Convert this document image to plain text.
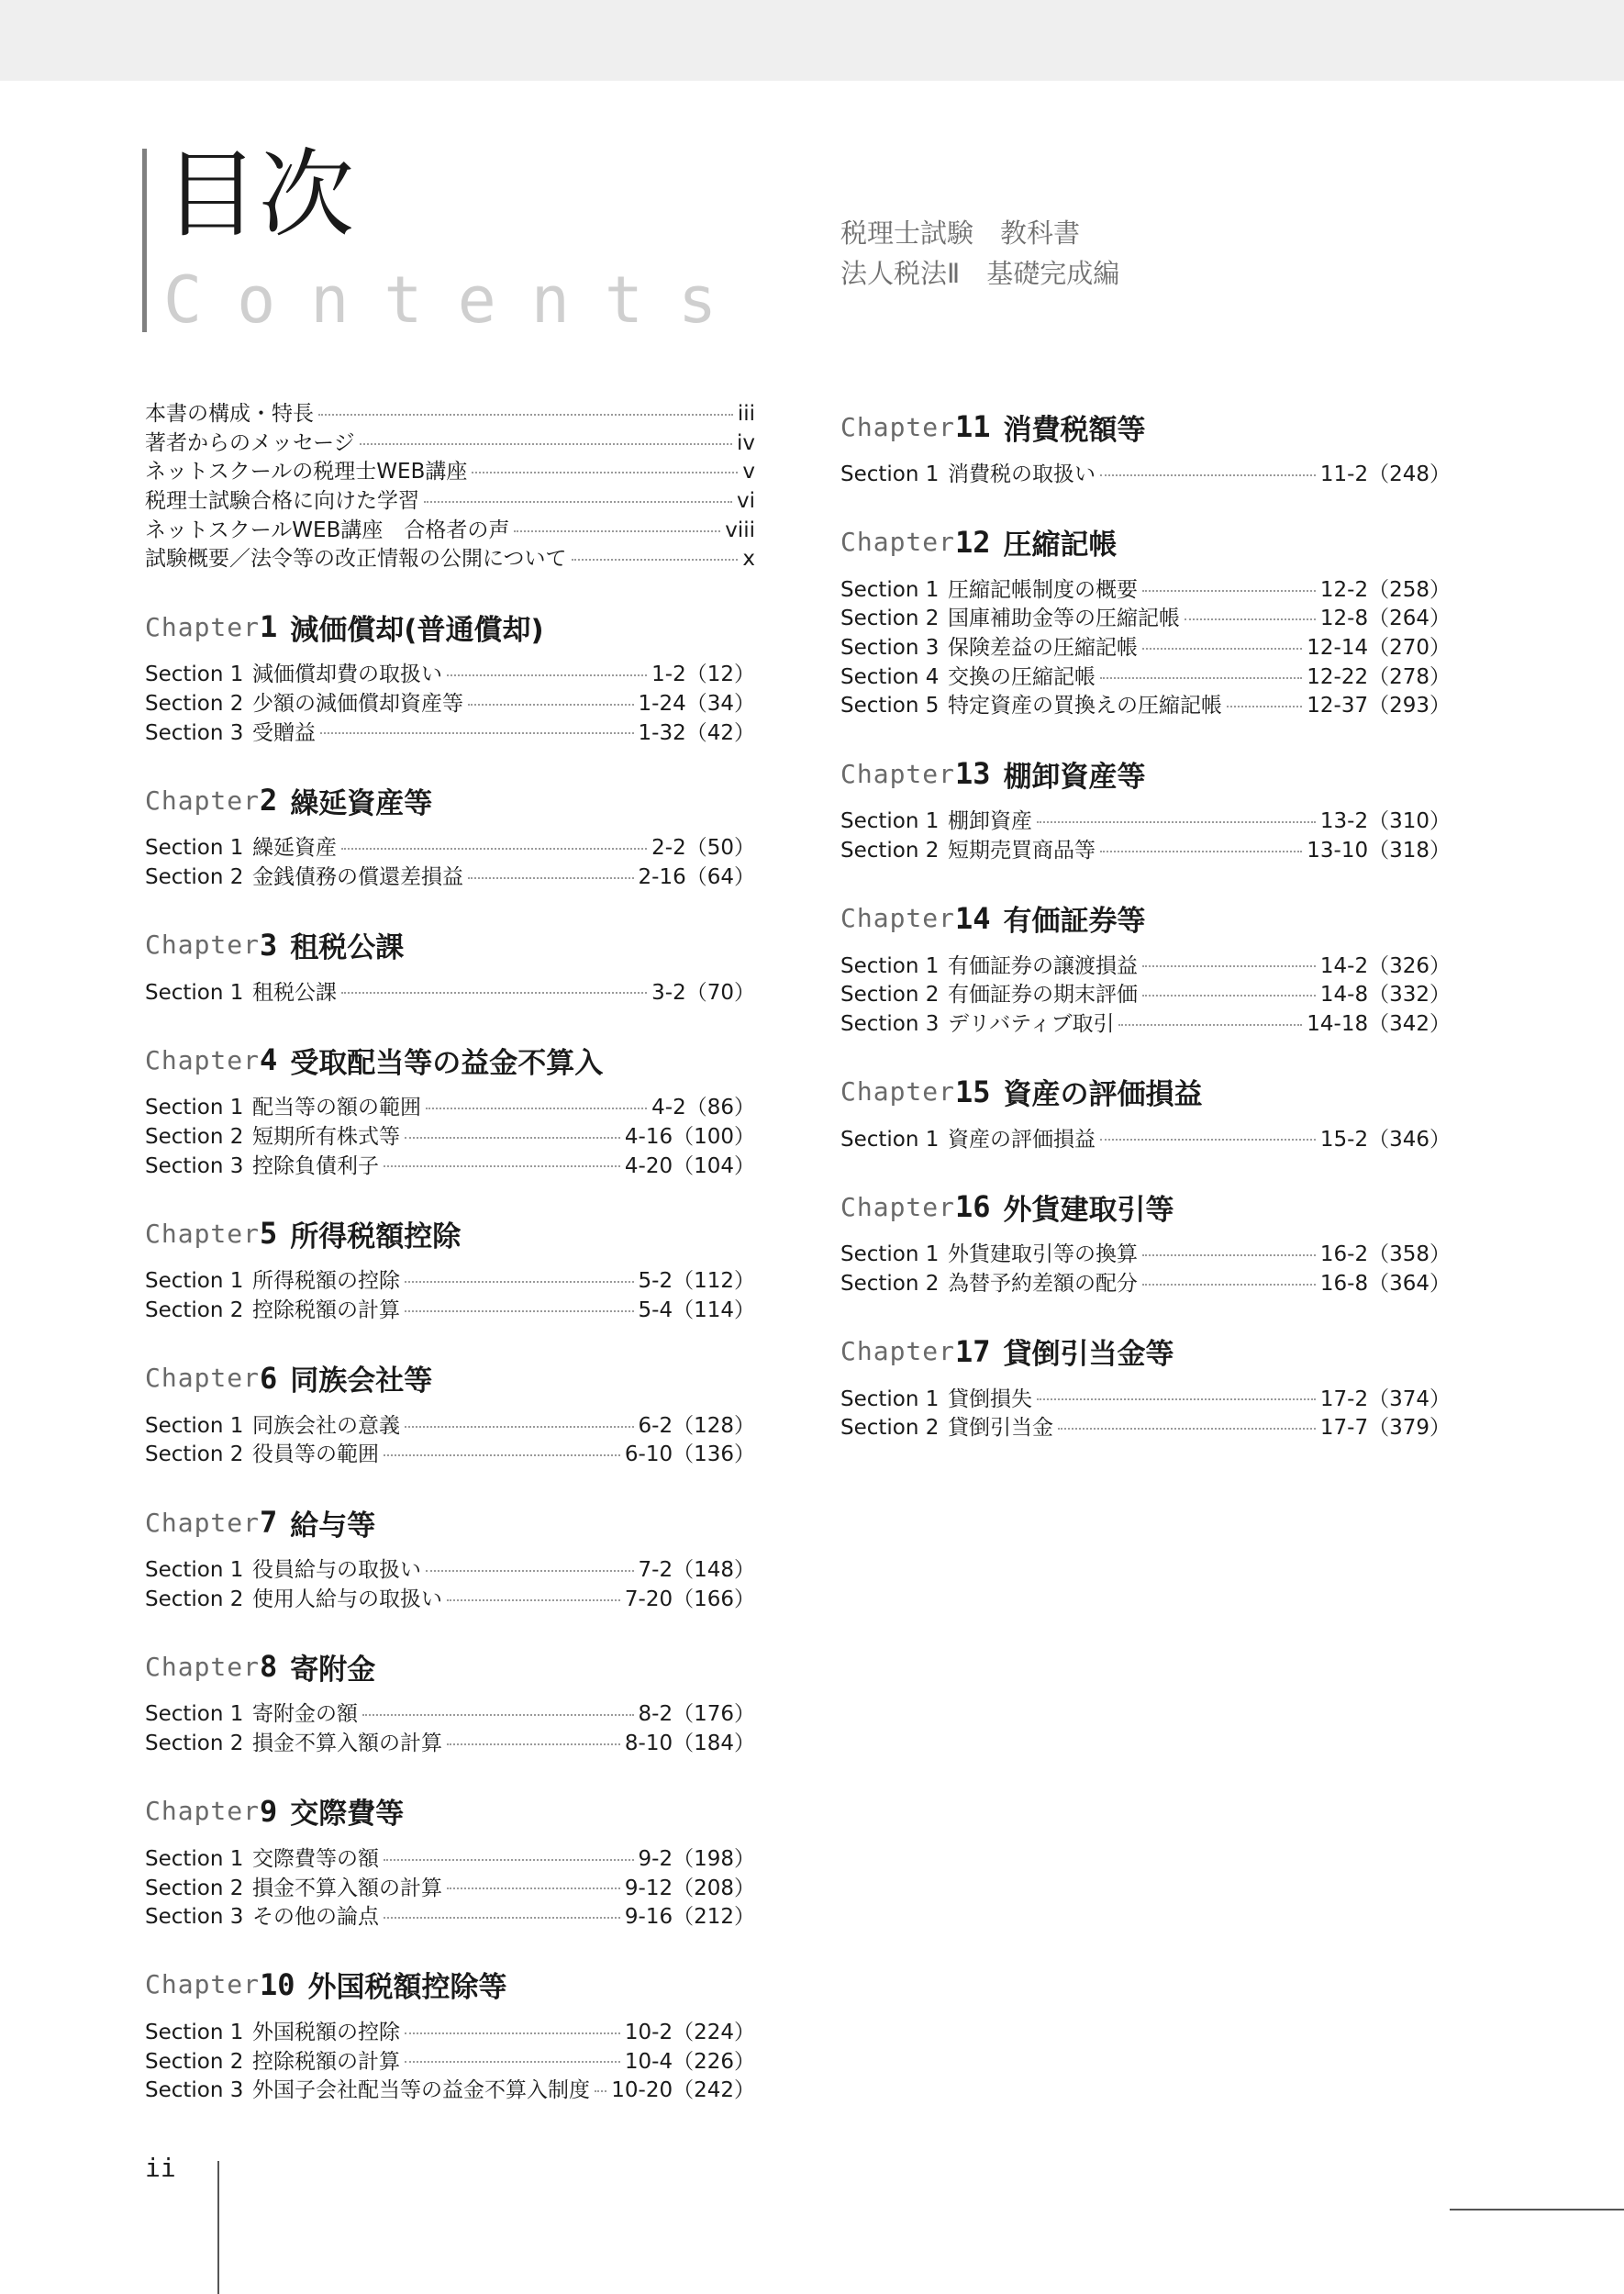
目次
Contents
税理士試験　教科書
法人税法Ⅱ　基礎完成編
本書の構成・特長	iii
著者からのメッセージ	iv
ネットスクールの税理士WEB講座	v
税理士試験合格に向けた学習	vi
ネットスクールWEB講座　合格者の声	viii
試験概要／法令等の改正情報の公開について	x
Chapter 1 減価償却(普通償却)
Section 1 減価償却費の取扱い	1-2（12）
Section 2 少額の減価償却資産等	1-24（34）
Section 3 受贈益	1-32（42）
Chapter 2 繰延資産等
Section 1 繰延資産	2-2（50）
Section 2 金銭債務の償還差損益	2-16（64）
Chapter 3 租税公課
Section 1 租税公課	3-2（70）
Chapter 4 受取配当等の益金不算入
Section 1 配当等の額の範囲	4-2（86）
Section 2 短期所有株式等	4-16（100）
Section 3 控除負債利子	4-20（104）
Chapter 5 所得税額控除
Section 1 所得税額の控除	5-2（112）
Section 2 控除税額の計算	5-4（114）
Chapter 6 同族会社等
Section 1 同族会社の意義	6-2（128）
Section 2 役員等の範囲	6-10（136）
Chapter 7 給与等
Section 1 役員給与の取扱い	7-2（148）
Section 2 使用人給与の取扱い	7-20（166）
Chapter 8 寄附金
Section 1 寄附金の額	8-2（176）
Section 2 損金不算入額の計算	8-10（184）
Chapter 9 交際費等
Section 1 交際費等の額	9-2（198）
Section 2 損金不算入額の計算	9-12（208）
Section 3 その他の論点	9-16（212）
Chapter 10 外国税額控除等
Section 1 外国税額の控除	10-2（224）
Section 2 控除税額の計算	10-4（226）
Section 3 外国子会社配当等の益金不算入制度 10-20（242）
Chapter 11 消費税額等
Section 1 消費税の取扱い	11-2（248）
Chapter 12 圧縮記帳
Section 1 圧縮記帳制度の概要	12-2（258）
Section 2 国庫補助金等の圧縮記帳	12-8（264）
Section 3 保険差益の圧縮記帳	12-14（270）
Section 4 交換の圧縮記帳	12-22（278）
Section 5 特定資産の買換えの圧縮記帳	12-37（293）
Chapter 13 棚卸資産等
Section 1 棚卸資産	13-2（310）
Section 2 短期売買商品等	13-10（318）
Chapter 14 有価証券等
Section 1 有価証券の譲渡損益	14-2（326）
Section 2 有価証券の期末評価	14-8（332）
Section 3 デリバティブ取引	14-18（342）
Chapter 15 資産の評価損益
Section 1 資産の評価損益	15-2（346）
Chapter 16 外貨建取引等
Section 1 外貨建取引等の換算	16-2（358）
Section 2 為替予約差額の配分	16-8（364）
Chapter 17 貸倒引当金等
Section 1 貸倒損失	17-2（374）
Section 2 貸倒引当金	17-7（379）
ii
